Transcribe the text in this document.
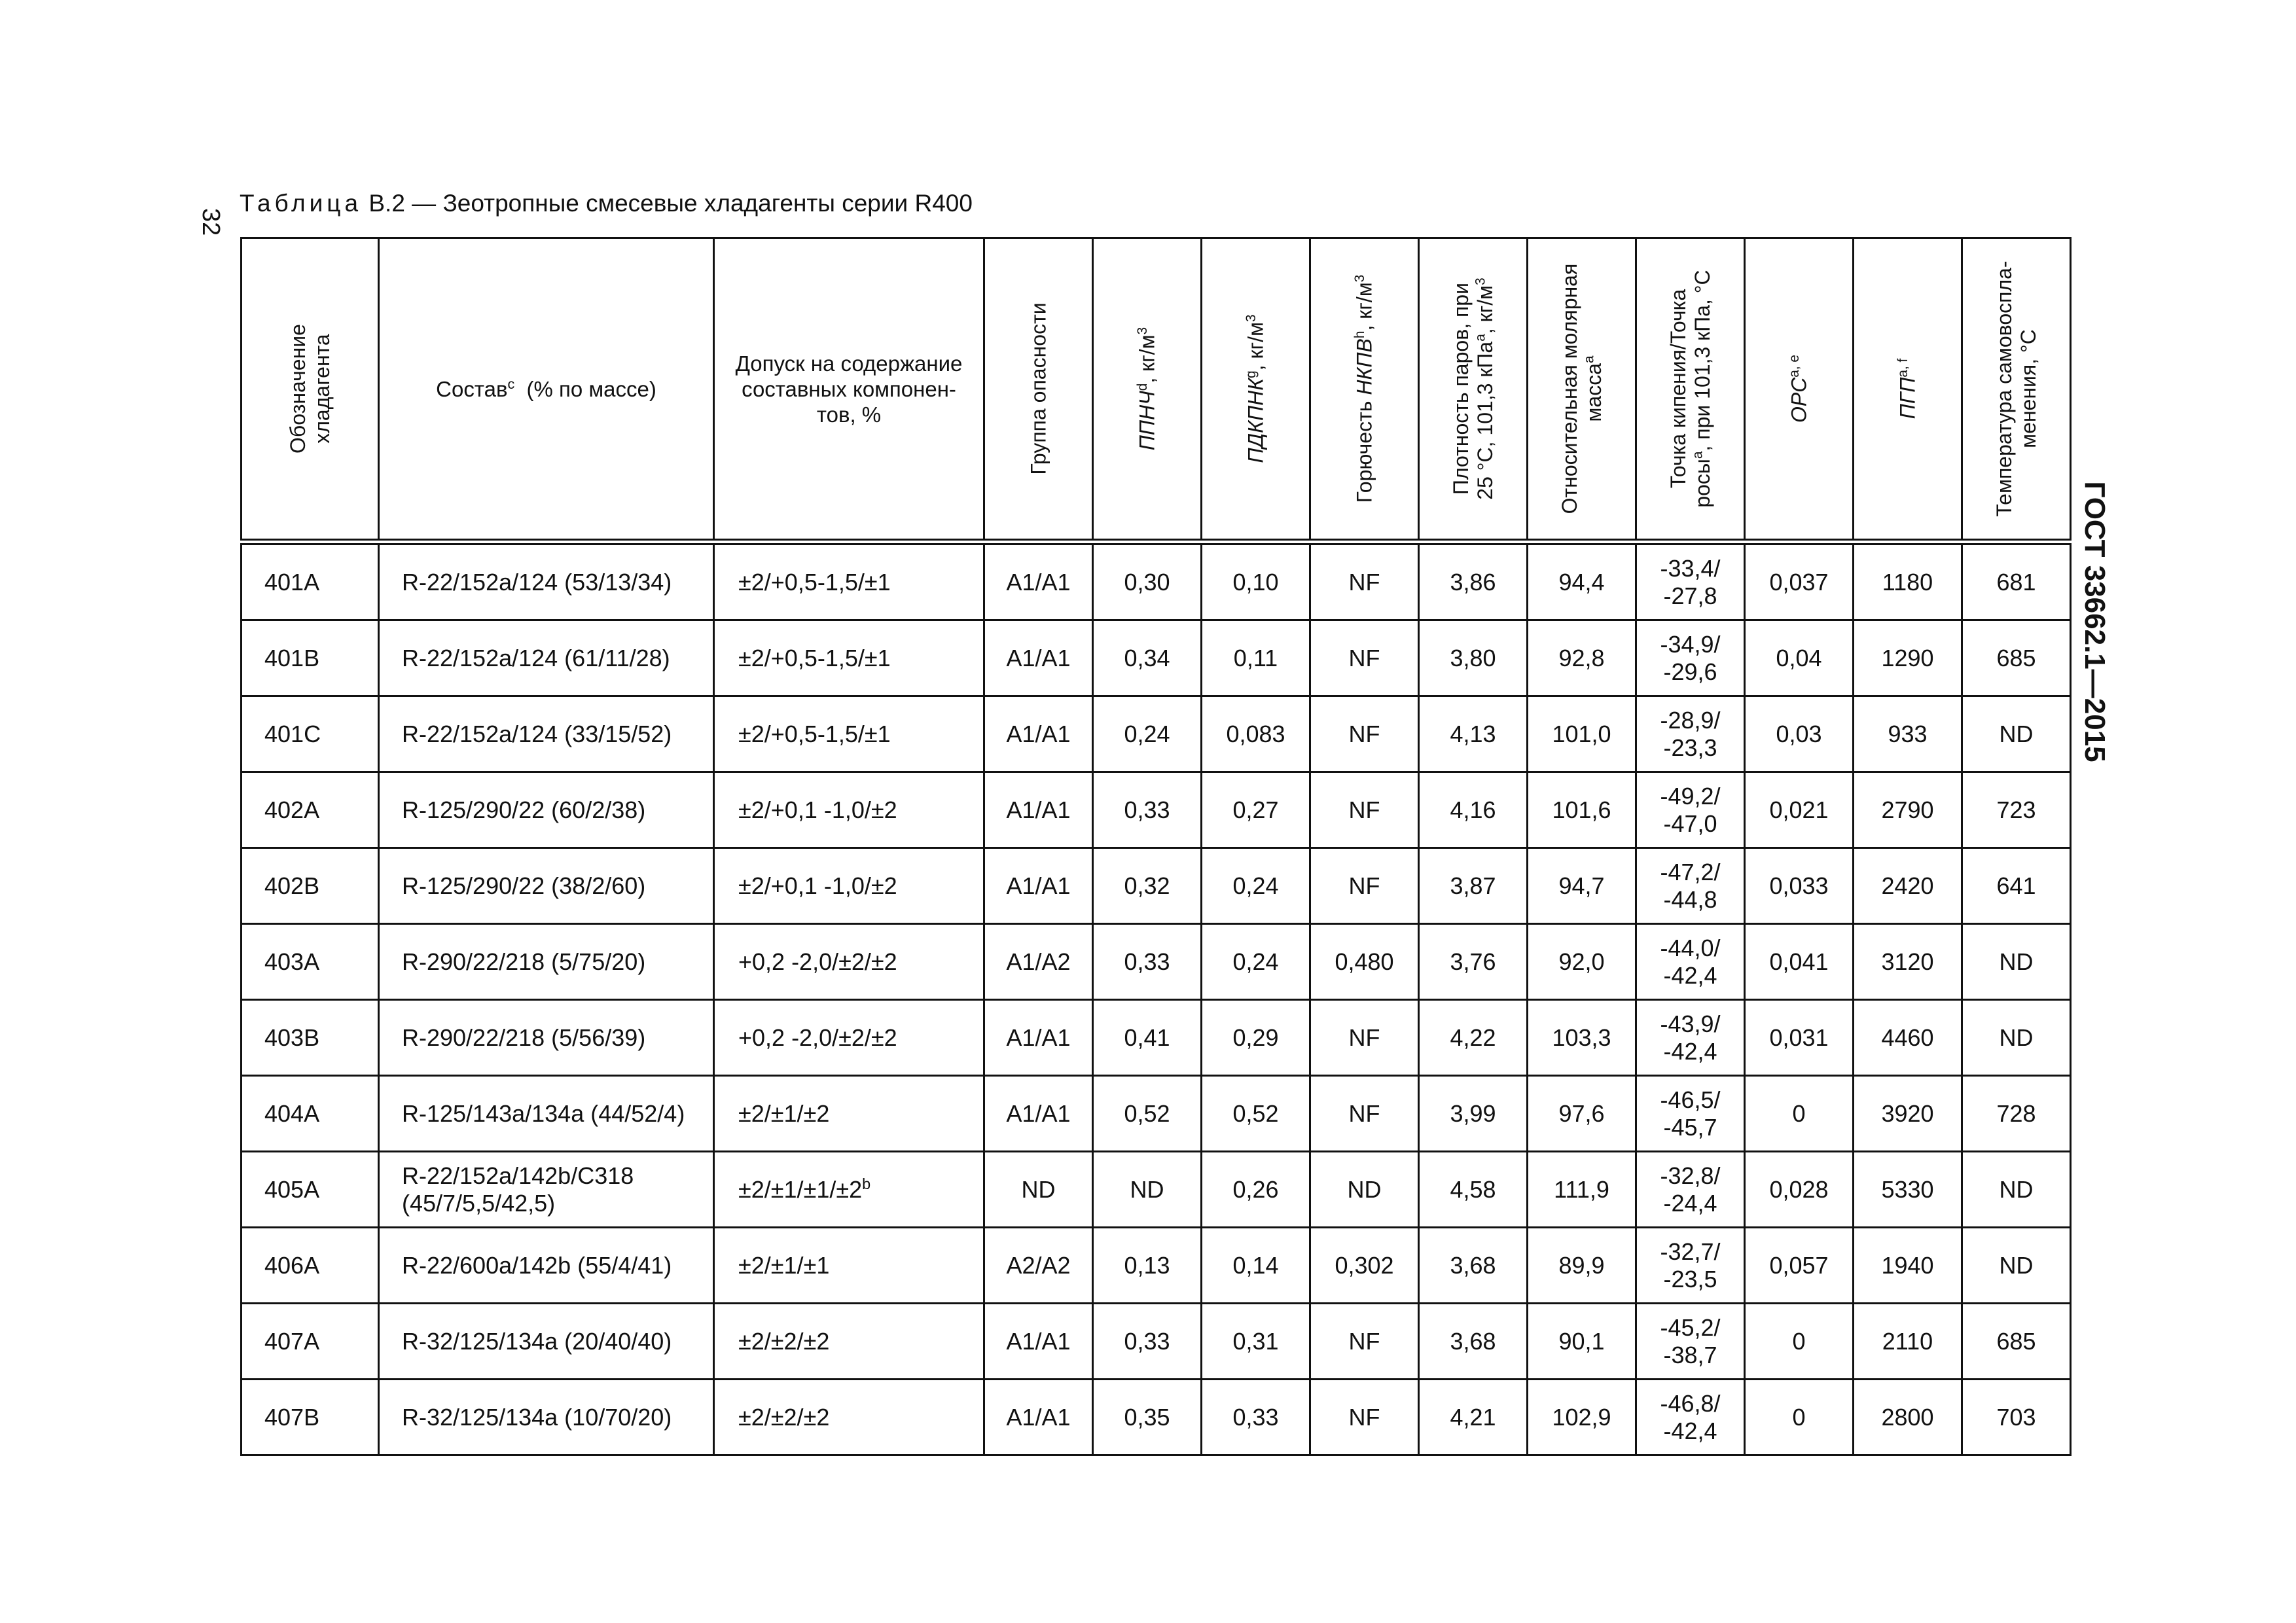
32
Таблица В.2 — Зеотропные смесевые хладагенты серии R400
ГОСТ 33662.1—2015
Обозначение хладагента	Состав$^c$ (% по массе)	Допуск на содержание составных компонен-тов, %	Группа опасности	ППНЧ$^d$, $кг/м^3$	ПДКПНК$^g$, $кг/м^3$	Горючесть НКПВ$^h$, $кг/м^3$	Плотность паров, при
25 °С, 101,3 кПа$^a$, $кг/м^3$	Относительная молярная
масса$^a$	Точка кипения/Точка
росы$^a$, при 101,3 кПа, °С	ОРС$^{a, e}$	ПГП$^{a, f}$	Температура самовоспла-менения, °С

401A	R-22/152a/124 (53/13/34)	±2/+0,5-1,5/±1	A1/A1	0,30	0,10	NF	3,86	94,4	-33,4/
-27,8	0,037	1180	681
401B	R-22/152a/124 (61/11/28)	±2/+0,5-1,5/±1	A1/A1	0,34	0,11	NF	3,80	92,8	-34,9/
-29,6	0,04	1290	685
401C	R-22/152a/124 (33/15/52)	±2/+0,5-1,5/±1	A1/A1	0,24	0,083	NF	4,13	101,0	-28,9/
-23,3	0,03	933	ND
402A	R-125/290/22 (60/2/38)	±2/+0,1 -1,0/±2	A1/A1	0,33	0,27	NF	4,16	101,6	-49,2/
-47,0	0,021	2790	723
402B	R-125/290/22 (38/2/60)	±2/+0,1 -1,0/±2	A1/A1	0,32	0,24	NF	3,87	94,7	-47,2/
-44,8	0,033	2420	641
403A	R-290/22/218 (5/75/20)	+0,2 -2,0/±2/±2	A1/A2	0,33	0,24	0,480	3,76	92,0	-44,0/
-42,4	0,041	3120	ND
403B	R-290/22/218 (5/56/39)	+0,2 -2,0/±2/±2	A1/A1	0,41	0,29	NF	4,22	103,3	-43,9/
-42,4	0,031	4460	ND
404A	R-125/143a/134a (44/52/4)	±2/±1/±2	A1/A1	0,52	0,52	NF	3,99	97,6	-46,5/
-45,7	0	3920	728
405A	R-22/152a/142b/C318
(45/7/5,5/42,5)	$\pm 2/\pm 1/\pm 1/\pm 2^b$	ND	ND	0,26	ND	4,58	111,9	-32,8/
-24,4	0,028	5330	ND
406A	R-22/600a/142b (55/4/41)	±2/±1/±1	A2/A2	0,13	0,14	0,302	3,68	89,9	-32,7/
-23,5	0,057	1940	ND
407A	R-32/125/134a (20/40/40)	±2/±2/±2	A1/A1	0,33	0,31	NF	3,68	90,1	-45,2/
-38,7	0	2110	685
407B	R-32/125/134a (10/70/20)	±2/±2/±2	A1/A1	0,35	0,33	NF	4,21	102,9	-46,8/
-42,4	0	2800	703
